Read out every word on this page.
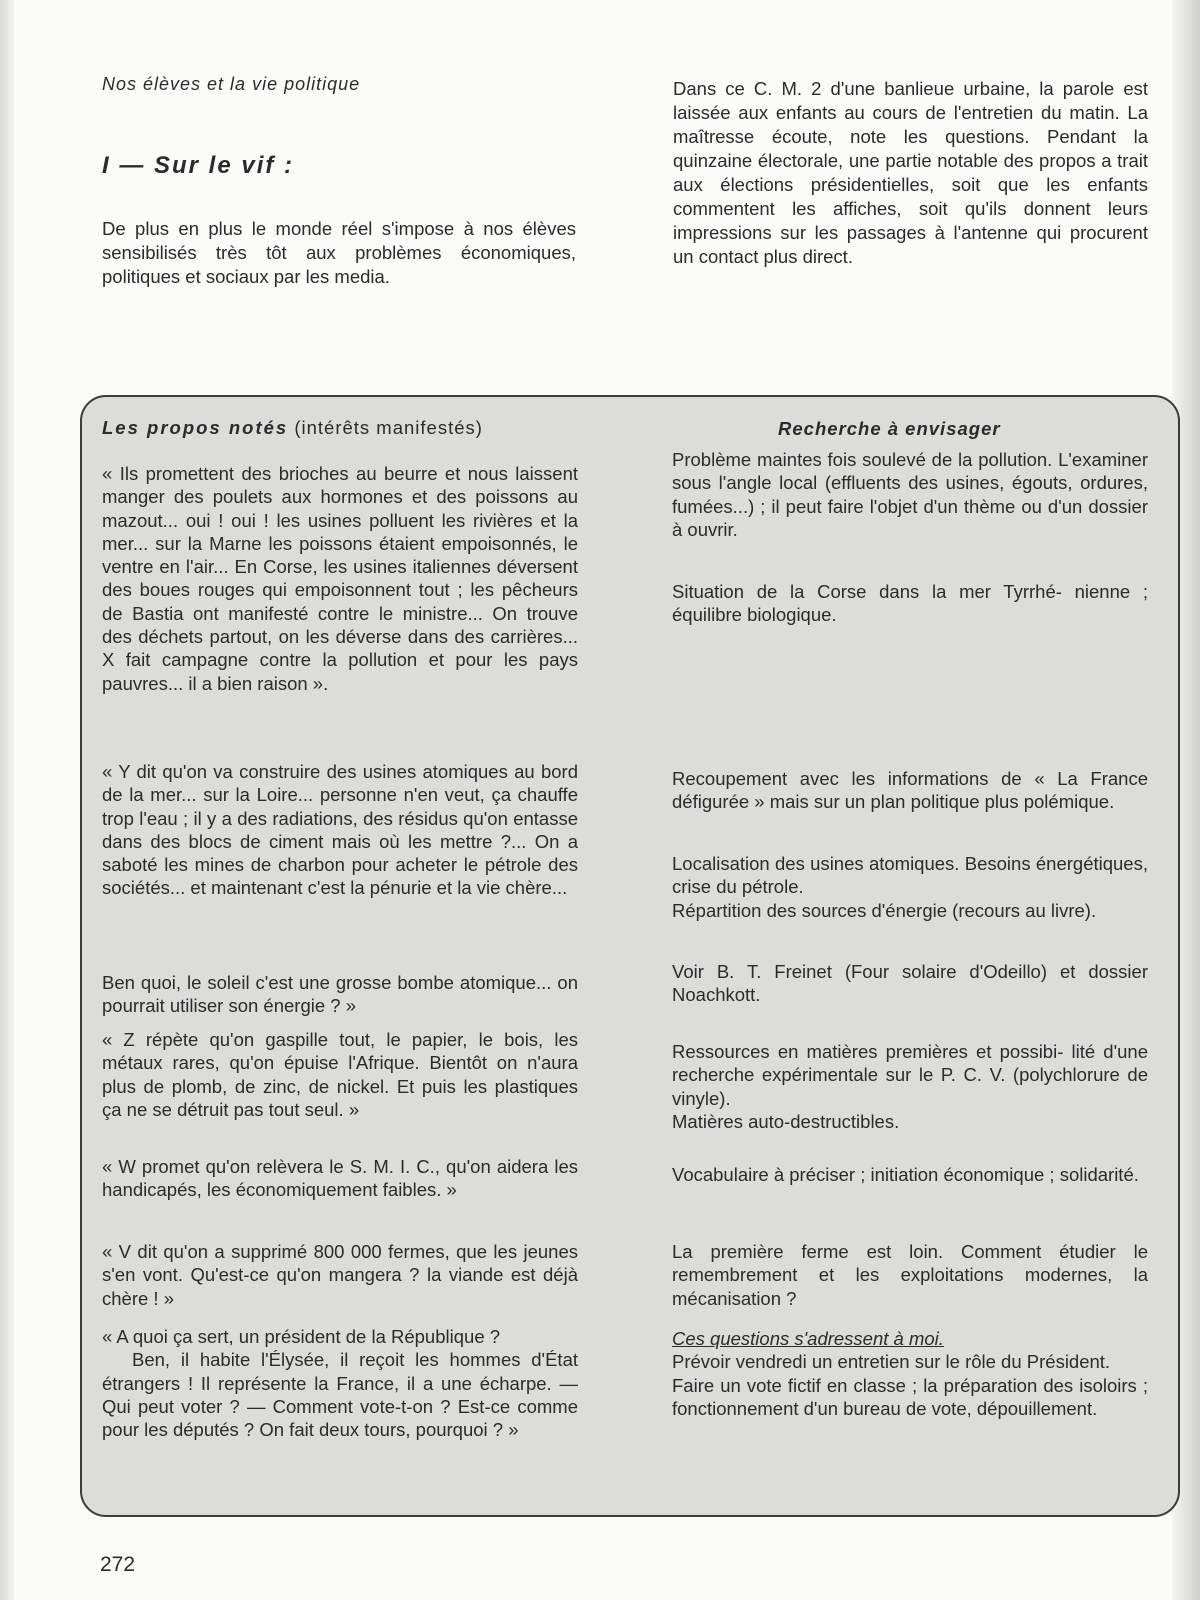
Nos élèves et la vie politique
I — Sur le vif :
De plus en plus le monde réel s'impose à nos élèves sensibilisés très tôt aux problèmes économiques, politiques et sociaux par les media.
Dans ce C. M. 2 d'une banlieue urbaine, la parole est laissée aux enfants au cours de l'entretien du matin. La maîtresse écoute, note les questions. Pendant la quinzaine électorale, une partie notable des propos a trait aux élections présidentielles, soit que les enfants commentent les affiches, soit qu'ils donnent leurs impressions sur les passages à l'antenne qui procurent un contact plus direct.
Les propos notés (intérêts manifestés)	Recherche à envisager
« Ils promettent des brioches au beurre et nous laissent manger des poulets aux hormones et des poissons au mazout... oui ! oui ! les usines polluent les rivières et la mer... sur la Marne les poissons étaient empoisonnés, le ventre en l'air... En Corse, les usines italiennes déversent des boues rouges qui empoisonnent tout ; les pêcheurs de Bastia ont manifesté contre le ministre... On trouve des déchets partout, on les déverse dans des carrières... X fait campagne contre la pollution et pour les pays pauvres... il a bien raison ».
« Y dit qu'on va construire des usines atomiques au bord de la mer... sur la Loire... personne n'en veut, ça chauffe trop l'eau ; il y a des radiations, des résidus qu'on entasse dans des blocs de ciment mais où les mettre ?... On a saboté les mines de charbon pour acheter le pétrole des sociétés... et maintenant c'est la pénurie et la vie chère...
Ben quoi, le soleil c'est une grosse bombe atomique... on pourrait utiliser son énergie ? »
« Z répète qu'on gaspille tout, le papier, le bois, les métaux rares, qu'on épuise l'Afrique. Bientôt on n'aura plus de plomb, de zinc, de nickel. Et puis les plastiques ça ne se détruit pas tout seul. »
« W promet qu'on relèvera le S. M. I. C., qu'on aidera les handicapés, les économiquement faibles. »
« V dit qu'on a supprimé 800 000 fermes, que les jeunes s'en vont. Qu'est-ce qu'on mangera ? la viande est déjà chère ! »
« A quoi ça sert, un président de la République ?
Ben, il habite l'Élysée, il reçoit les hommes d'État étrangers ! Il représente la France, il a une écharpe. — Qui peut voter ? — Comment vote-t-on ? Est-ce comme pour les députés ? On fait deux tours, pourquoi ? »
Problème maintes fois soulevé de la pollution. L'examiner sous l'angle local (effluents des usines, égouts, ordures, fumées...) ; il peut faire l'objet d'un thème ou d'un dossier à ouvrir.
Situation de la Corse dans la mer Tyrrhé- nienne ; équilibre biologique.
Recoupement avec les informations de « La France défigurée » mais sur un plan politique plus polémique.
Localisation des usines atomiques. Besoins énergétiques, crise du pétrole.
Répartition des sources d'énergie (recours au livre).
Voir B. T. Freinet (Four solaire d'Odeillo) et dossier Noachkott.
Ressources en matières premières et possibi- lité d'une recherche expérimentale sur le P. C. V. (polychlorure de vinyle).
Matières auto-destructibles.
Vocabulaire à préciser ; initiation économique ; solidarité.
La première ferme est loin. Comment étudier le remembrement et les exploitations modernes, la mécanisation ?
Ces questions s'adressent à moi.
Prévoir vendredi un entretien sur le rôle du Président.
Faire un vote fictif en classe ; la préparation des isoloirs ; fonctionnement d'un bureau de vote, dépouillement.
272
